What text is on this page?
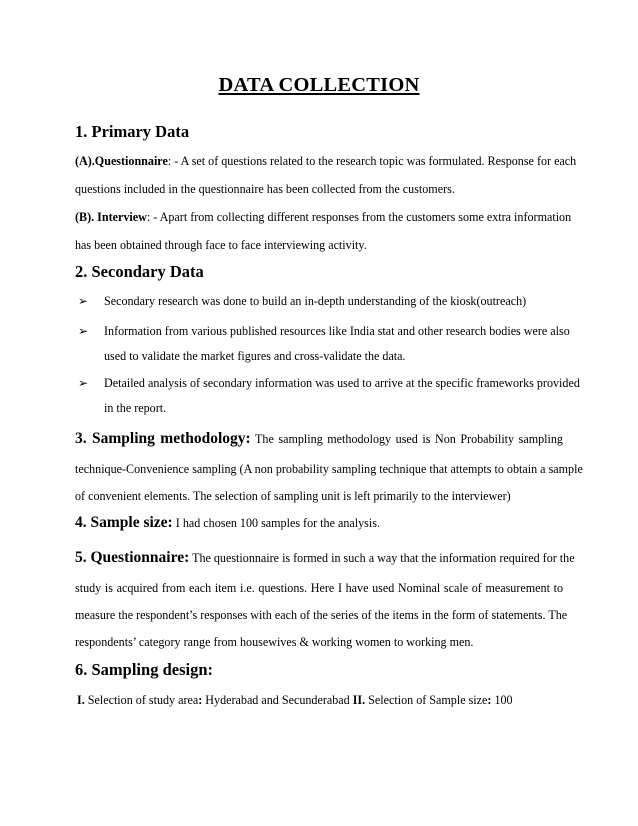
DATA COLLECTION
1. Primary Data
(A).Questionnaire: - A set of questions related to the research topic was formulated. Response for each
questions included in the questionnaire has been collected from the customers.
(B). Interview: - Apart from collecting different responses from the customers some extra information
has been obtained through face to face interviewing activity.
2. Secondary Data
➢ Secondary research was done to build an in-depth understanding of the kiosk(outreach)
➢ Information from various published resources like India stat and other research bodies were also
used to validate the market figures and cross-validate the data.
➢ Detailed analysis of secondary information was used to arrive at the specific frameworks provided
in the report.
3. Sampling methodology: The sampling methodology used is Non Probability sampling
technique-Convenience sampling (A non probability sampling technique that attempts to obtain a sample
of convenient elements. The selection of sampling unit is left primarily to the interviewer)
4. Sample size: I had chosen 100 samples for the analysis.
5. Questionnaire: The questionnaire is formed in such a way that the information required for the
study is acquired from each item i.e. questions. Here I have used Nominal scale of measurement to
measure the respondent’s responses with each of the series of the items in the form of statements. The
respondents’ category range from housewives & working women to working men.
6. Sampling design:
I. Selection of study area: Hyderabad and Secunderabad II. Selection of Sample size: 100
